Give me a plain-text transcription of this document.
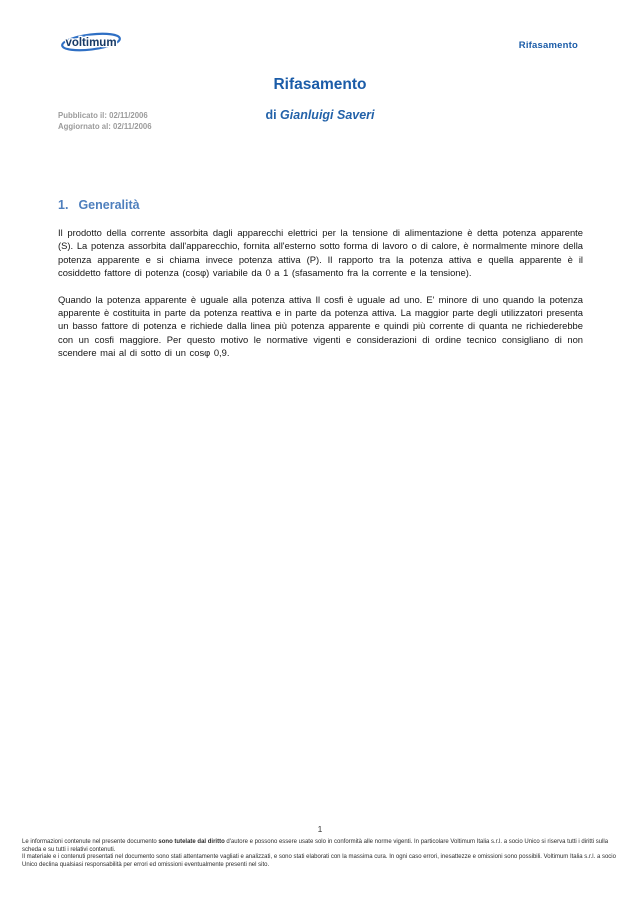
voltimum	Rifasamento
Rifasamento
Pubblicato il: 02/11/2006
Aggiornato al: 02/11/2006
di Gianluigi Saveri
1. Generalità

Il prodotto della corrente assorbita dagli apparecchi elettrici per la tensione di alimentazione è detta potenza apparente (S). La potenza assorbita dall'apparecchio, fornita all'esterno sotto forma di lavoro o di calore, è normalmente minore della potenza apparente e si chiama invece potenza attiva (P). Il rapporto tra la potenza attiva e quella apparente è il cosiddetto fattore di potenza (cosφ) variabile da 0 a 1 (sfasamento fra la corrente e la tensione).

Quando la potenza apparente è uguale alla potenza attiva Il cosfi è uguale ad uno. E' minore di uno quando la potenza apparente è costituita in parte da potenza reattiva e in parte da potenza attiva. La maggior parte degli utilizzatori presenta un basso fattore di potenza e richiede dalla linea più potenza apparente e quindi più corrente di quanta ne richiederebbe con un cosfi maggiore. Per questo motivo le normative vigenti e considerazioni di ordine tecnico consigliano di non scendere mai al di sotto di un cosφ 0,9.

1

Le informazioni contenute nel presente documento sono tutelate dal diritto d'autore e possono essere usate solo in conformità alle norme vigenti. In particolare Voltimum Italia s.r.l. a socio Unico si riserva tutti i diritti sulla scheda e su tutti i relativi contenuti.

Il materiale e i contenuti presentati nel documento sono stati attentamente vagliati e analizzati, e sono stati elaborati con la massima cura. In ogni caso errori, inesattezze e omissioni sono possibili. Voltimum Italia s.r.l. a socio Unico declina qualsiasi responsabilità per errori ed omissioni eventualmente presenti nel sito.
